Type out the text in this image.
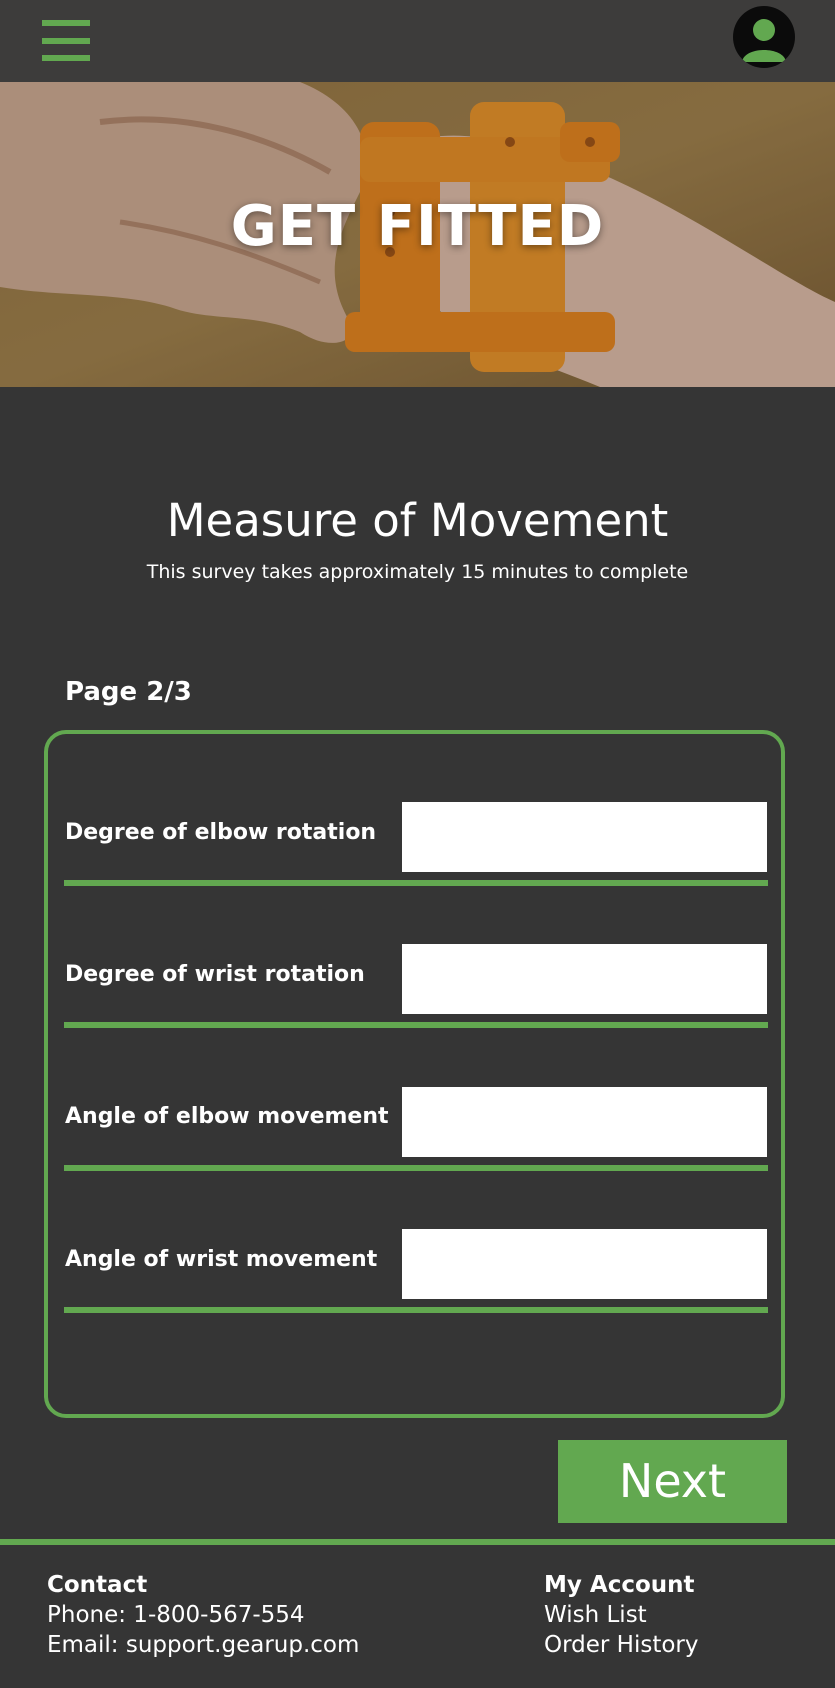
GET FITTED
Measure of Movement
This survey takes approximately 15 minutes to complete
Page 2/3
Degree of elbow rotation
Degree of wrist rotation
Angle of elbow movement
Angle of wrist movement
Next
Contact
Phone: 1-800-567-554
Email: support.gearup.com
My Account
Wish List
Order History
